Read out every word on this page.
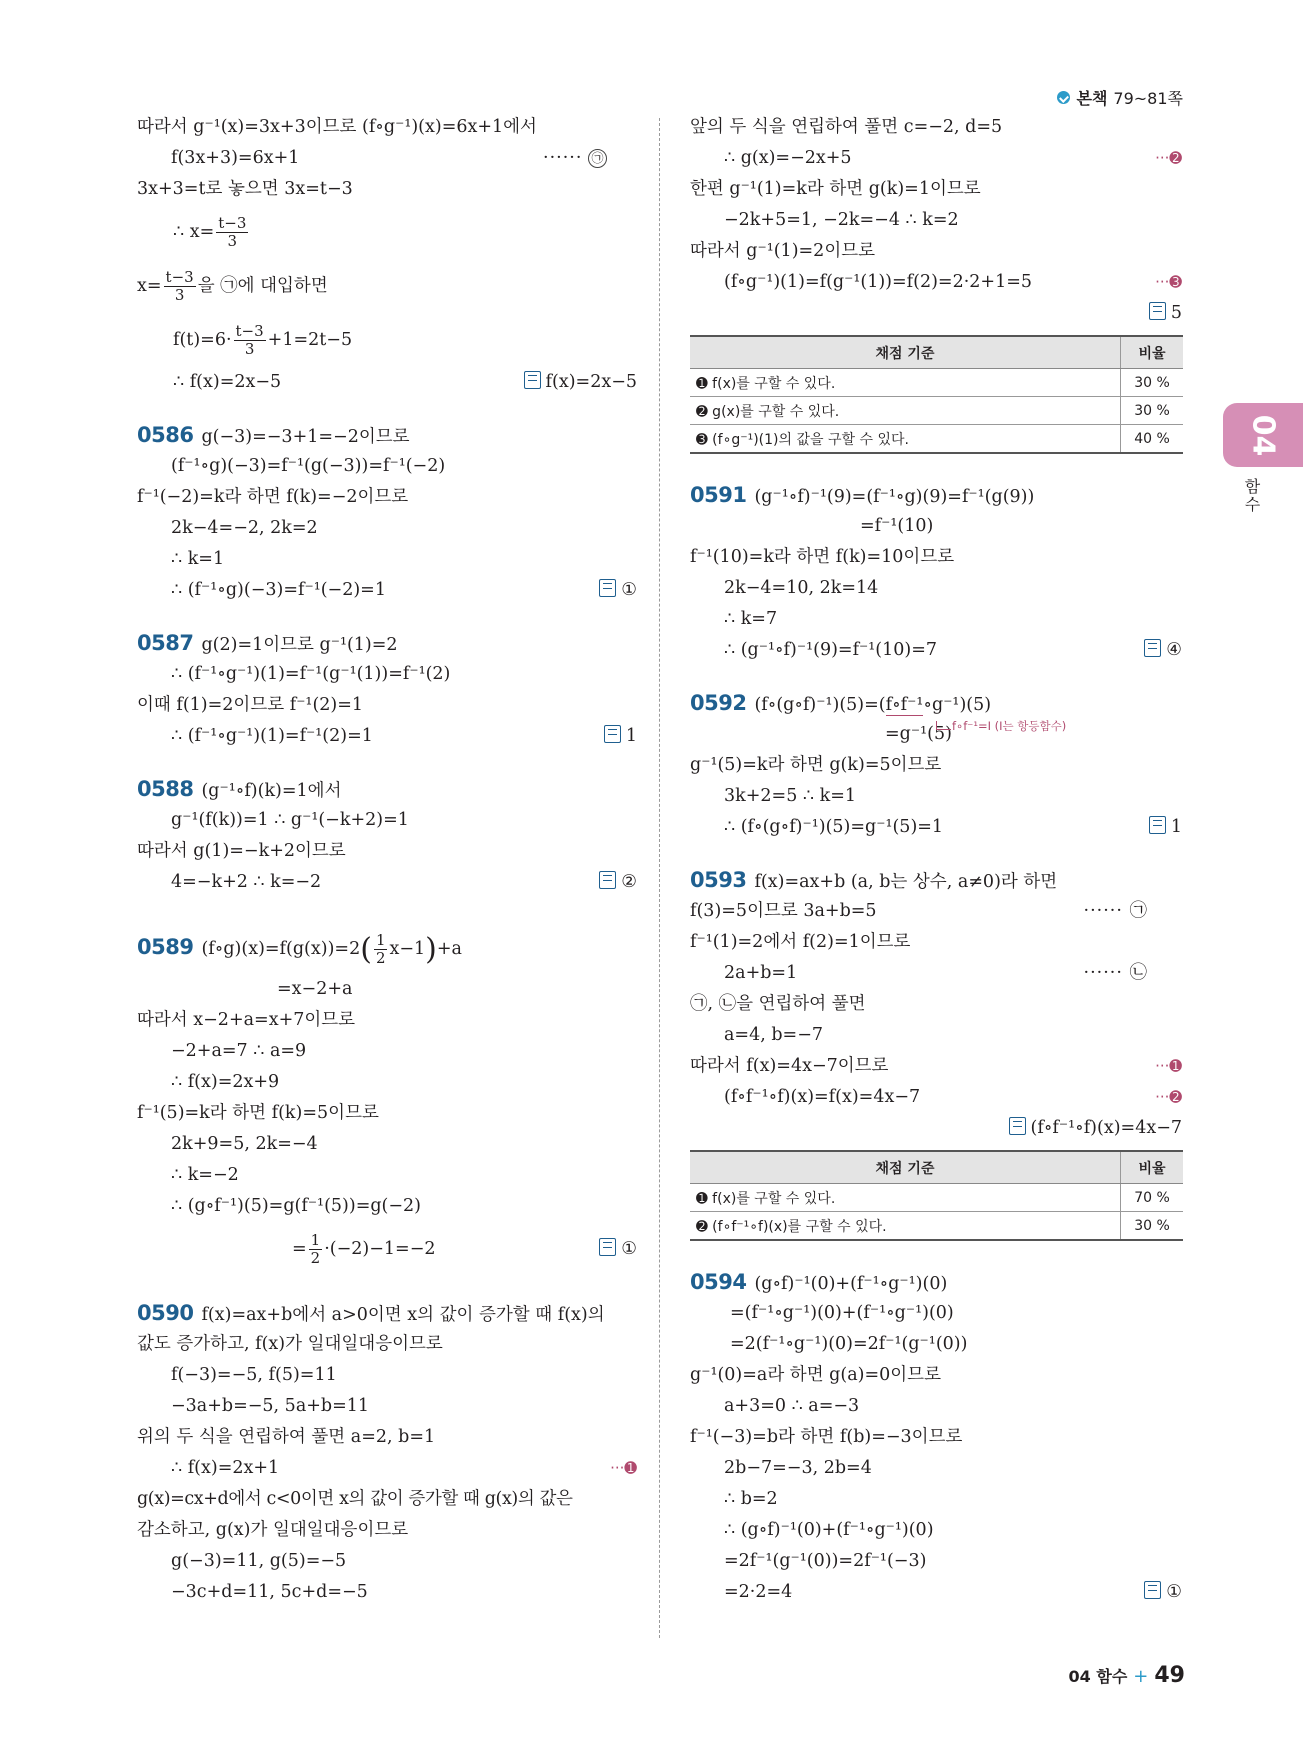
본책 79~81쪽
따라서 g⁻¹(x)=3x+3이므로 (f∘g⁻¹)(x)=6x+1에서
f(3x+3)=6x+1	······ ㉠
3x+3=t로 놓으면 3x=t−3
∴ $x= \frac{t-3}{3}$
$x= \frac{t-3}{3}$ 을 ㉠에 대입하면
$f(t)=6\cdot \frac{t-3}{3} +1=2t-5$
∴ f(x)=2x−5	f(x)=2x−5
0586 g(−3)=−3+1=−2이므로
(f⁻¹∘g)(−3)=f⁻¹(g(−3))=f⁻¹(−2)
f⁻¹(−2)=k라 하면 f(k)=−2이므로
2k−4=−2, 2k=2
∴ k=1
∴ (f⁻¹∘g)(−3)=f⁻¹(−2)=1	①
0587 g(2)=1이므로 g⁻¹(1)=2
∴ (f⁻¹∘g⁻¹)(1)=f⁻¹(g⁻¹(1))=f⁻¹(2)
이때 f(1)=2이므로 f⁻¹(2)=1
∴ (f⁻¹∘g⁻¹)(1)=f⁻¹(2)=1	1
0588 (g⁻¹∘f)(k)=1에서
g⁻¹(f(k))=1 ∴ g⁻¹(−k+2)=1
따라서 g(1)=−k+2이므로
4=−k+2 ∴ k=−2	②
0589 (f∘g)(x)=f(g(x))=2( $\frac{1}{2} x-1)+a$
=x−2+a
따라서 x−2+a=x+7이므로
−2+a=7 ∴ a=9
∴ f(x)=2x+9
f⁻¹(5)=k라 하면 f(k)=5이므로
2k+9=5, 2k=−4
∴ k=−2
∴ (g∘f⁻¹)(5)=g(f⁻¹(5))=g(−2)
= $\frac{1}{2} \cdot(-2)-1=-2$	①
0590 f(x)=ax+b에서 a>0이면 x의 값이 증가할 때 f(x)의
값도 증가하고, f(x)가 일대일대응이므로
f(−3)=−5, f(5)=11
−3a+b=−5, 5a+b=11
위의 두 식을 연립하여 풀면 a=2, b=1
∴ f(x)=2x+1	···➊
g(x)=cx+d에서 c<0이면 x의 값이 증가할 때 g(x)의 값은
감소하고, g(x)가 일대일대응이므로
g(−3)=11, g(5)=−5
−3c+d=11, 5c+d=−5
앞의 두 식을 연립하여 풀면 c=−2, d=5
∴ g(x)=−2x+5	···➋
한편 g⁻¹(1)=k라 하면 g(k)=1이므로
−2k+5=1, −2k=−4 ∴ k=2
따라서 g⁻¹(1)=2이므로
(f∘g⁻¹)(1)=f(g⁻¹(1))=f(2)=2·2+1=5	···➌
5
채점 기준	비율
➊ f(x)를 구할 수 있다.	30 %
➋ g(x)를 구할 수 있다.	30 %
➌ (f∘g⁻¹)(1)의 값을 구할 수 있다.	40 %
0591 (g⁻¹∘f)⁻¹(9)=(f⁻¹∘g)(9)=f⁻¹(g(9))
=f⁻¹(10)
f⁻¹(10)=k라 하면 f(k)=10이므로
2k−4=10, 2k=14
∴ k=7
∴ (g⁻¹∘f)⁻¹(9)=f⁻¹(10)=7	④
0592 (f∘(g∘f)⁻¹)(5)=(f∘f⁻¹∘g⁻¹)(5)
=g⁻¹(5) f∘f⁻¹=I (I는 항등함수)
g⁻¹(5)=k라 하면 g(k)=5이므로
3k+2=5 ∴ k=1
∴ (f∘(g∘f)⁻¹)(5)=g⁻¹(5)=1	1
0593 f(x)=ax+b (a, b는 상수, a≠0)라 하면
f(3)=5이므로 3a+b=5	······ ㉠
f⁻¹(1)=2에서 f(2)=1이므로
2a+b=1	······ ㉡
㉠, ㉡을 연립하여 풀면
a=4, b=−7
따라서 f(x)=4x−7이므로	···➊
(f∘f⁻¹∘f)(x)=f(x)=4x−7	···➋
(f∘f⁻¹∘f)(x)=4x−7
채점 기준	비율
➊ f(x)를 구할 수 있다.	70 %
➋ (f∘f⁻¹∘f)(x)를 구할 수 있다.	30 %
0594 (g∘f)⁻¹(0)+(f⁻¹∘g⁻¹)(0)
=(f⁻¹∘g⁻¹)(0)+(f⁻¹∘g⁻¹)(0)
=2(f⁻¹∘g⁻¹)(0)=2f⁻¹(g⁻¹(0))
g⁻¹(0)=a라 하면 g(a)=0이므로
a+3=0 ∴ a=−3
f⁻¹(−3)=b라 하면 f(b)=−3이므로
2b−7=−3, 2b=4
∴ b=2
∴ (g∘f)⁻¹(0)+(f⁻¹∘g⁻¹)(0)
=2f⁻¹(g⁻¹(0))=2f⁻¹(−3)
=2·2=4	①
04
함수
04 함수 + 49
